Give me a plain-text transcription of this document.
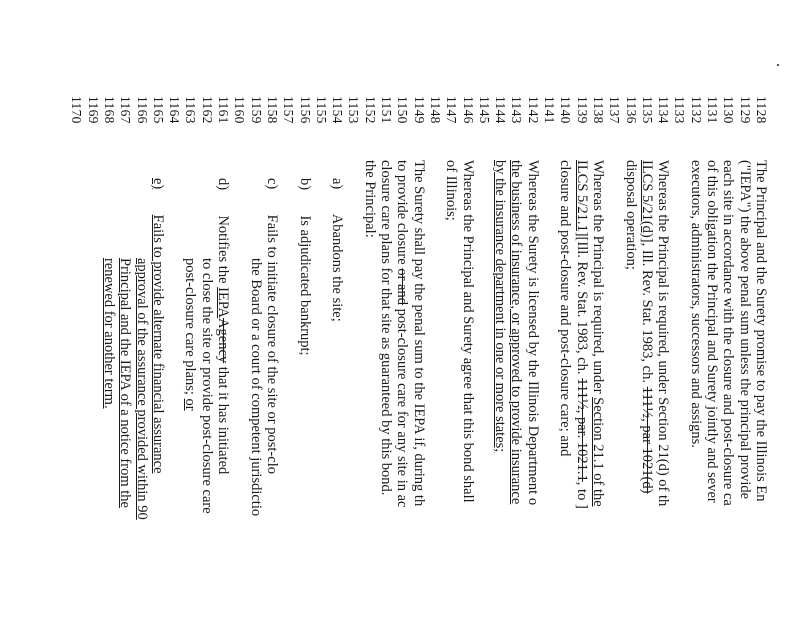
1128
The Principal and the Surety promise to pay the Illinois En
1129
("IEPA") the above penal sum unless the principal provide
1130
each site in accordance with the closure and post-closure ca
1131
of this obligation the Principal and Surety jointly and sever
1132
executors, administrators, successors and assigns.
1133
1134
Whereas the Principal is required, under Section 21(d) of th
1135
ILCS 5/21(d)], Ill. Rev. Stat. 1983, ch. 111½, par 1021(d)
1136
disposal operation;
1137
1138
Whereas the Principal is required, under Section 21.1 of the
1139
ILCS 5/21.1][Ill. Rev. Stat. 1983, ch. 111½, par. 1021.1, to ]
1140
closure and post-closure and post-closure care; and
1141
1142
Whereas the Surety is licensed by the Illinois Department o
1143
the business of insurance, or approved to provide insurance
1144
by the insurance department in one or more states;
1145
1146
Whereas the Principal and Surety agree that this bond shall
1147
of Illinois;
1148
1149
The Surety shall pay the penal sum to the IEPA if, during th
1150
to provide closure or and post-closure care for any site in ac
1151
closure care plans for that site as guaranteed by this bond.
1152
the Principal:
1153
1154
a)       Abandons the site;
1155
1156
b)       Is adjudicated bankrupt;
1157
1158
c)       Fails to initiate closure of the site or post-clo
1159
the Board or a court of competent jurisdictio
1160
1161
d)       Notifies the IEPAAgency that it has initiated
1162
to close the site or provide post-closure care
1163
post-closure care plans; or
1164
1165
e)       Fails to provide alternate financial assurance
1166
approval of the assurance provided within 90
1167
Principal and the IEPA of a notice from the
1168
renewed for another term.
1169
1170
